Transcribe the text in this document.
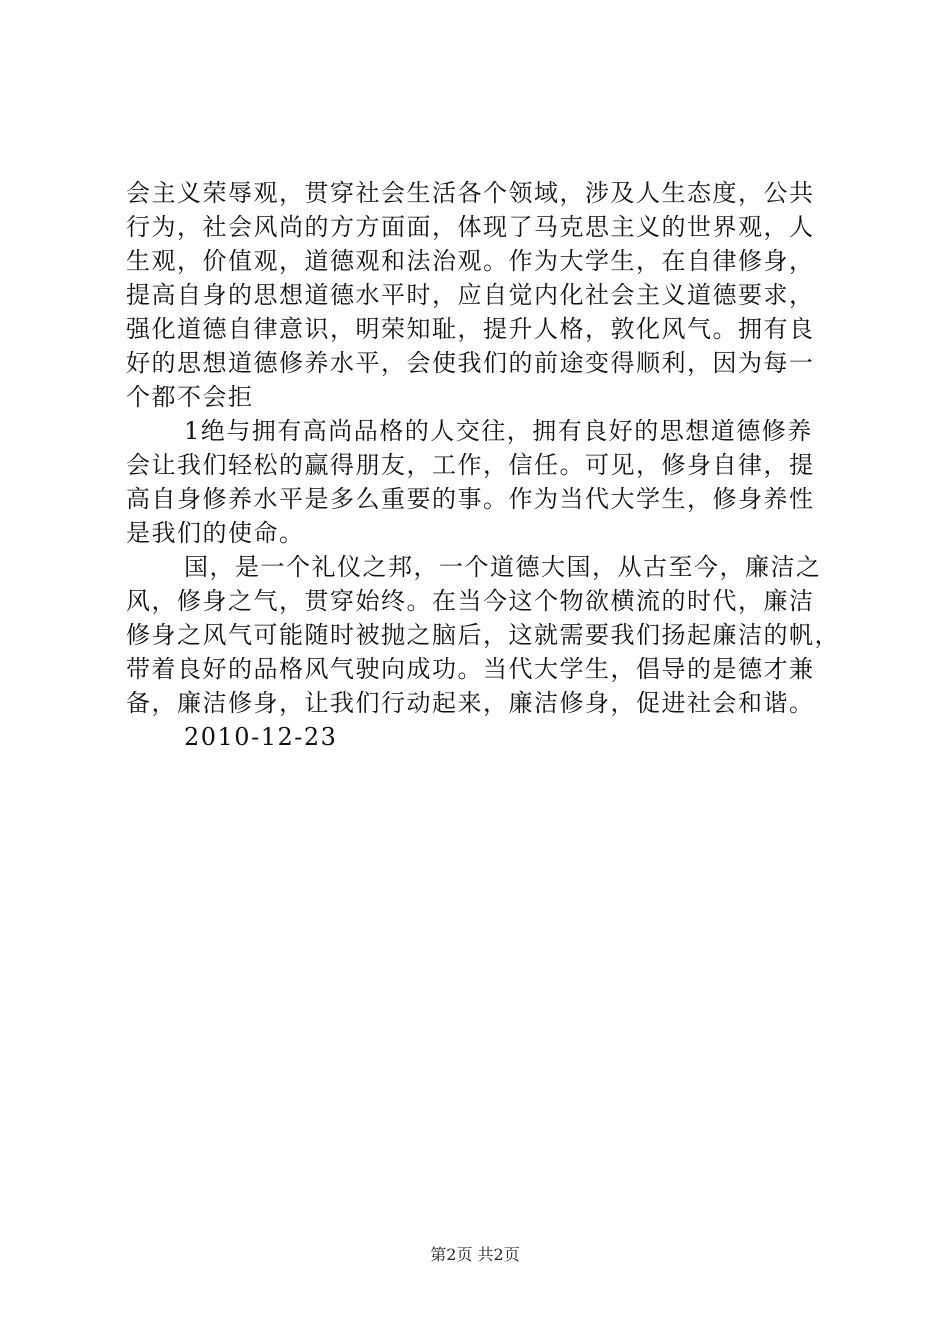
会主义荣辱观，贯穿社会生活各个领域，涉及人生态度，公共
行为，社会风尚的方方面面，体现了马克思主义的世界观，人
生观，价值观，道德观和法治观。作为大学生，在自律修身，
提高自身的思想道德水平时，应自觉内化社会主义道德要求，
强化道德自律意识，明荣知耻，提升人格，敦化风气。拥有良
好的思想道德修养水平，会使我们的前途变得顺利，因为每一
个都不会拒
1绝与拥有高尚品格的人交往，拥有良好的思想道德修养
会让我们轻松的赢得朋友，工作，信任。可见，修身自律，提
高自身修养水平是多么重要的事。作为当代大学生，修身养性
是我们的使命。
国，是一个礼仪之邦，一个道德大国，从古至今，廉洁之
风，修身之气，贯穿始终。在当今这个物欲横流的时代，廉洁
修身之风气可能随时被抛之脑后，这就需要我们扬起廉洁的帆，
带着良好的品格风气驶向成功。当代大学生，倡导的是德才兼
备，廉洁修身，让我们行动起来，廉洁修身，促进社会和谐。
2010-12-23
第2页 共2页
